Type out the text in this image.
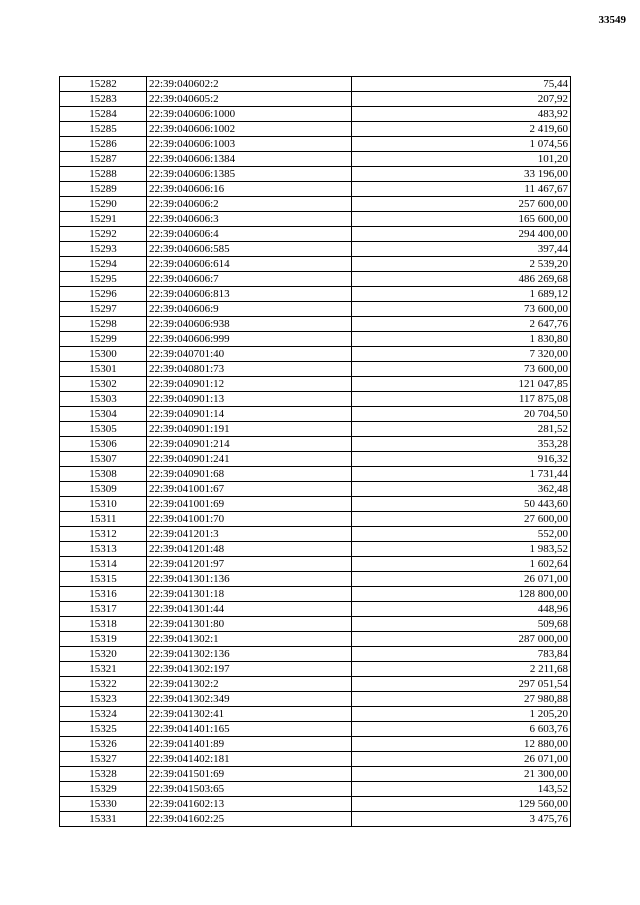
33549
15282	22:39:040602:2	75,44
15283	22:39:040605:2	207,92
15284	22:39:040606:1000	483,92
15285	22:39:040606:1002	2 419,60
15286	22:39:040606:1003	1 074,56
15287	22:39:040606:1384	101,20
15288	22:39:040606:1385	33 196,00
15289	22:39:040606:16	11 467,67
15290	22:39:040606:2	257 600,00
15291	22:39:040606:3	165 600,00
15292	22:39:040606:4	294 400,00
15293	22:39:040606:585	397,44
15294	22:39:040606:614	2 539,20
15295	22:39:040606:7	486 269,68
15296	22:39:040606:813	1 689,12
15297	22:39:040606:9	73 600,00
15298	22:39:040606:938	2 647,76
15299	22:39:040606:999	1 830,80
15300	22:39:040701:40	7 320,00
15301	22:39:040801:73	73 600,00
15302	22:39:040901:12	121 047,85
15303	22:39:040901:13	117 875,08
15304	22:39:040901:14	20 704,50
15305	22:39:040901:191	281,52
15306	22:39:040901:214	353,28
15307	22:39:040901:241	916,32
15308	22:39:040901:68	1 731,44
15309	22:39:041001:67	362,48
15310	22:39:041001:69	50 443,60
15311	22:39:041001:70	27 600,00
15312	22:39:041201:3	552,00
15313	22:39:041201:48	1 983,52
15314	22:39:041201:97	1 602,64
15315	22:39:041301:136	26 071,00
15316	22:39:041301:18	128 800,00
15317	22:39:041301:44	448,96
15318	22:39:041301:80	509,68
15319	22:39:041302:1	287 000,00
15320	22:39:041302:136	783,84
15321	22:39:041302:197	2 211,68
15322	22:39:041302:2	297 051,54
15323	22:39:041302:349	27 980,88
15324	22:39:041302:41	1 205,20
15325	22:39:041401:165	6 603,76
15326	22:39:041401:89	12 880,00
15327	22:39:041402:181	26 071,00
15328	22:39:041501:69	21 300,00
15329	22:39:041503:65	143,52
15330	22:39:041602:13	129 560,00
15331	22:39:041602:25	3 475,76
